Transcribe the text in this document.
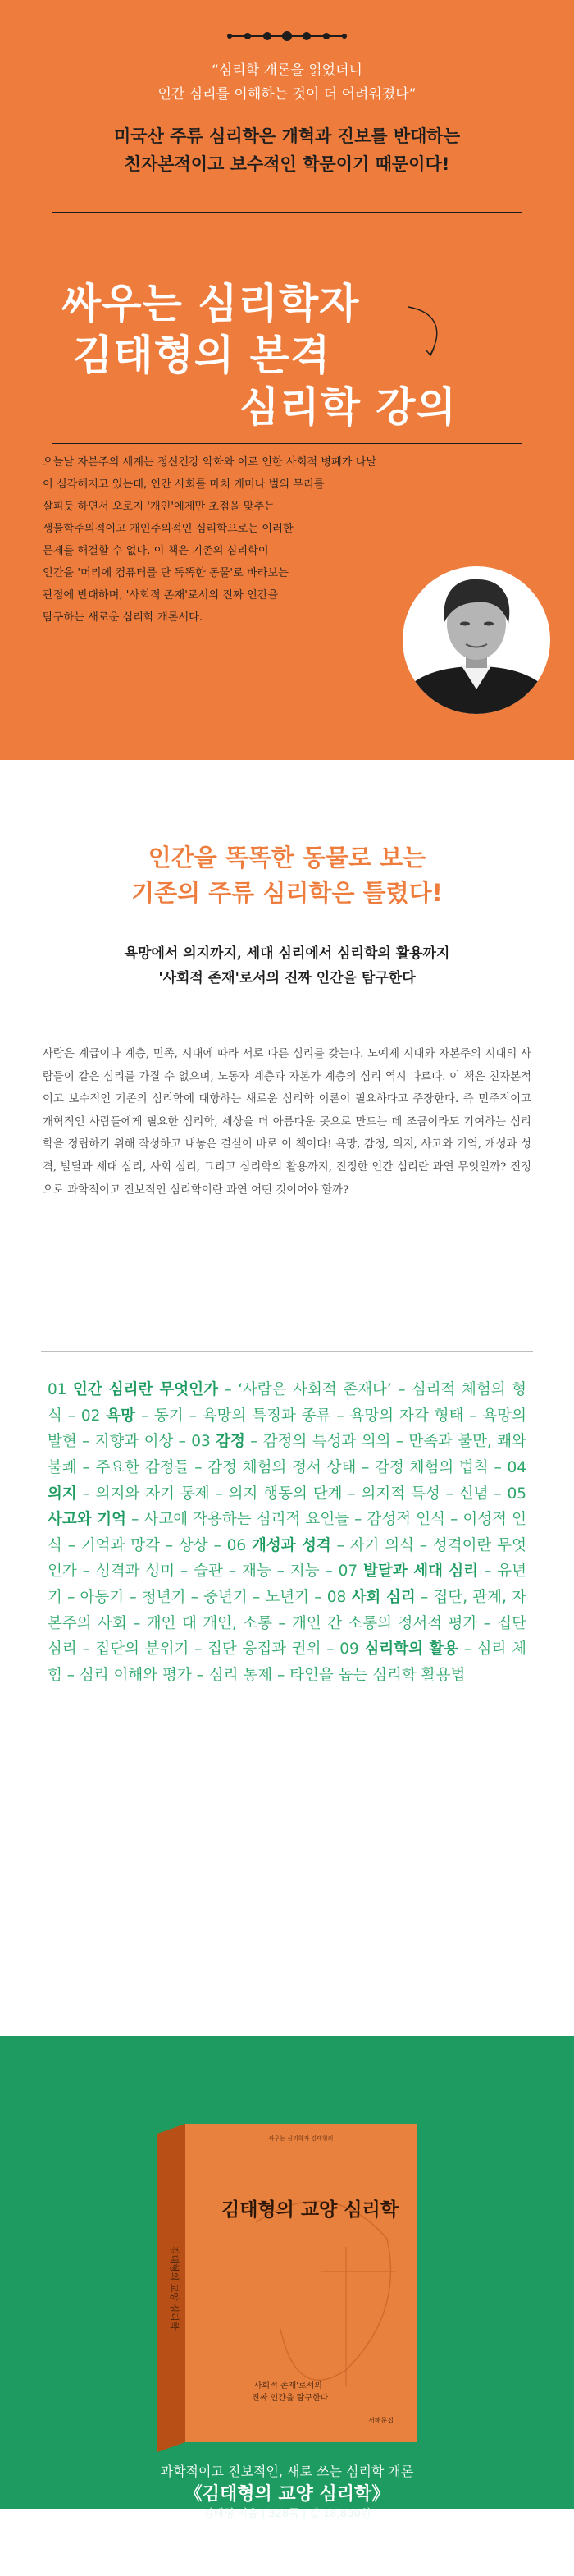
“심리학 개론을 읽었더니
인간 심리를 이해하는 것이 더 어려워졌다”
미국산 주류 심리학은 개혁과 진보를 반대하는
친자본적이고 보수적인 학문이기 때문이다!
싸우는 심리학자
김태형의 본격
심리학 강의
오늘날 자본주의 세계는 정신건강 악화와 이로 인한 사회적 병폐가 나날
이 심각해지고 있는데, 인간 사회를 마치 개미나 벌의 무리를
살피듯 하면서 오로지 '개인'에게만 초점을 맞추는
생물학주의적이고 개인주의적인 심리학으로는 이러한
문제를 해결할 수 없다. 이 책은 기존의 심리학이
인간을 '머리에 컴퓨터를 단 똑똑한 동물'로 바라보는
관점에 반대하며, '사회적 존재'로서의 진짜 인간을
탐구하는 새로운 심리학 개론서다.
인간을 똑똑한 동물로 보는
기존의 주류 심리학은 틀렸다!
욕망에서 의지까지, 세대 심리에서 심리학의 활용까지
'사회적 존재'로서의 진짜 인간을 탐구한다
사람은 계급이나 계층, 민족, 시대에 따라 서로 다른 심리를 갖는다. 노예제 시대와 자본주의 시대의 사람들이 같은 심리를 가질 수 없으며, 노동자 계층과 자본가 계층의 심리 역시 다르다. 이 책은 친자본적이고 보수적인 기존의 심리학에 대항하는 새로운 심리학 이론이 필요하다고 주장한다. 즉 민주적이고 개혁적인 사람들에게 필요한 심리학, 세상을 더 아름다운 곳으로 만드는 데 조금이라도 기여하는 심리학을 정립하기 위해 작성하고 내놓은 결실이 바로 이 책이다! 욕망, 감정, 의지, 사고와 기억, 개성과 성격, 발달과 세대 심리, 사회 심리, 그리고 심리학의 활용까지, 진정한 인간 심리란 과연 무엇일까? 진정으로 과학적이고 진보적인 심리학이란 과연 어떤 것이어야 할까?
01 인간 심리란 무엇인가 – ‘사람은 사회적 존재다’ – 심리적 체험의 형식 – 02 욕망 – 동기 – 욕망의 특징과 종류 – 욕망의 자각 형태 – 욕망의 발현 – 지향과 이상 – 03 감정 – 감정의 특성과 의의 – 만족과 불만, 쾌와 불쾌 – 주요한 감정들 – 감정 체험의 정서 상태 – 감정 체험의 법칙 – 04 의지 – 의지와 자기 통제 – 의지 행동의 단계 – 의지적 특성 – 신념 – 05 사고와 기억 – 사고에 작용하는 심리적 요인들 – 감성적 인식 – 이성적 인식 – 기억과 망각 – 상상 – 06 개성과 성격 – 자기 의식 – 성격이란 무엇인가 – 성격과 성미 – 습관 – 재능 – 지능 – 07 발달과 세대 심리 – 유년기 – 아동기 – 청년기 – 중년기 – 노년기 – 08 사회 심리 – 집단, 관계, 자본주의 사회 – 개인 대 개인, 소통 – 개인 간 소통의 정서적 평가 – 집단 심리 – 집단의 분위기 – 집단 응집과 권위 – 09 심리학의 활용 – 심리 체험 – 심리 이해와 평가 – 심리 통제 – 타인을 돕는 심리학 활용법
싸우는 심리학자 김태형의
김태형의 교양 심리학
'사회적 존재'로서의
진짜 인간을 탐구한다
김태형의 교양 심리학
서해문집
과학적이고 진보적인, 새로 쓰는 심리학 개론
《김태형의 교양 심리학》
김태형 지음 | 328쪽 | 값 18,800원
서해문집
